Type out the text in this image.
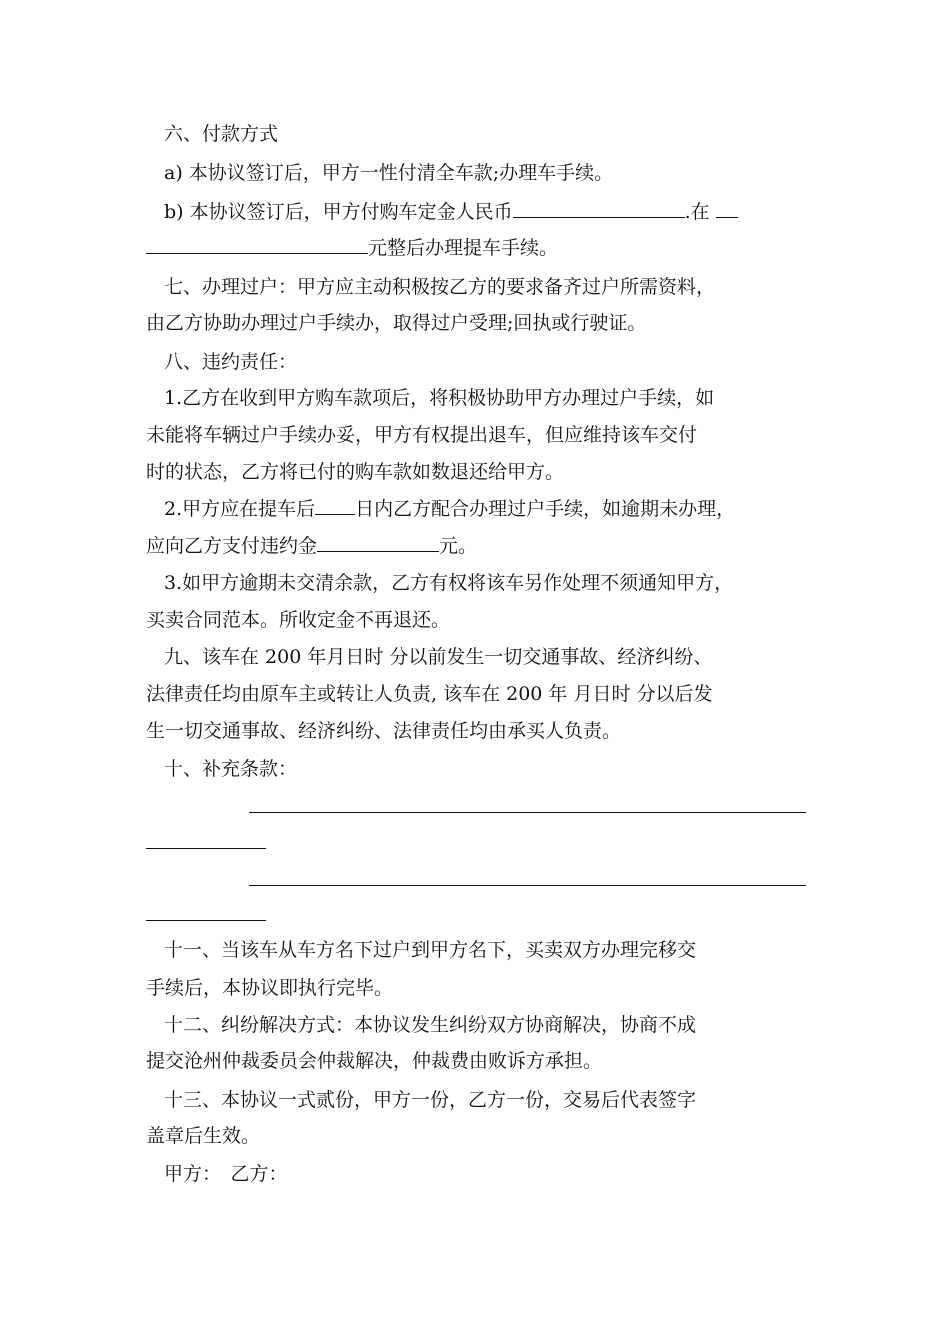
六、付款方式
a) 本协议签订后，甲方一性付清全车款;办理车手续。
b) 本协议签订后，甲方付购车定金人民币	.在
元整后办理提车手续。
七、办理过户：甲方应主动积极按乙方的要求备齐过户所需资料，
由乙方协助办理过户手续办，取得过户受理;回执或行驶证。
八、违约责任：
1.乙方在收到甲方购车款项后，将积极协助甲方办理过户手续，如
未能将车辆过户手续办妥，甲方有权提出退车，但应维持该车交付
时的状态，乙方将已付的购车款如数退还给甲方。
2.甲方应在提车后 日内乙方配合办理过户手续，如逾期未办理，
应向乙方支付违约金	元。
3.如甲方逾期未交清余款，乙方有权将该车另作处理不须通知甲方，
买卖合同范本。所收定金不再退还。
九、该车在 200 年月日时 分以前发生一切交通事故、经济纠纷、
法律责任均由原车主或转让人负责, 该车在 200 年 月日时 分以后发
生一切交通事故、经济纠纷、法律责任均由承买人负责。
十、补充条款：
十一、当该车从车方名下过户到甲方名下，买卖双方办理完移交
手续后，本协议即执行完毕。
十二、纠纷解决方式：本协议发生纠纷双方协商解决，协商不成
提交沧州仲裁委员会仲裁解决，仲裁费由败诉方承担。
十三、本协议一式贰份，甲方一份，乙方一份，交易后代表签字
盖章后生效。
甲方：　乙方：
